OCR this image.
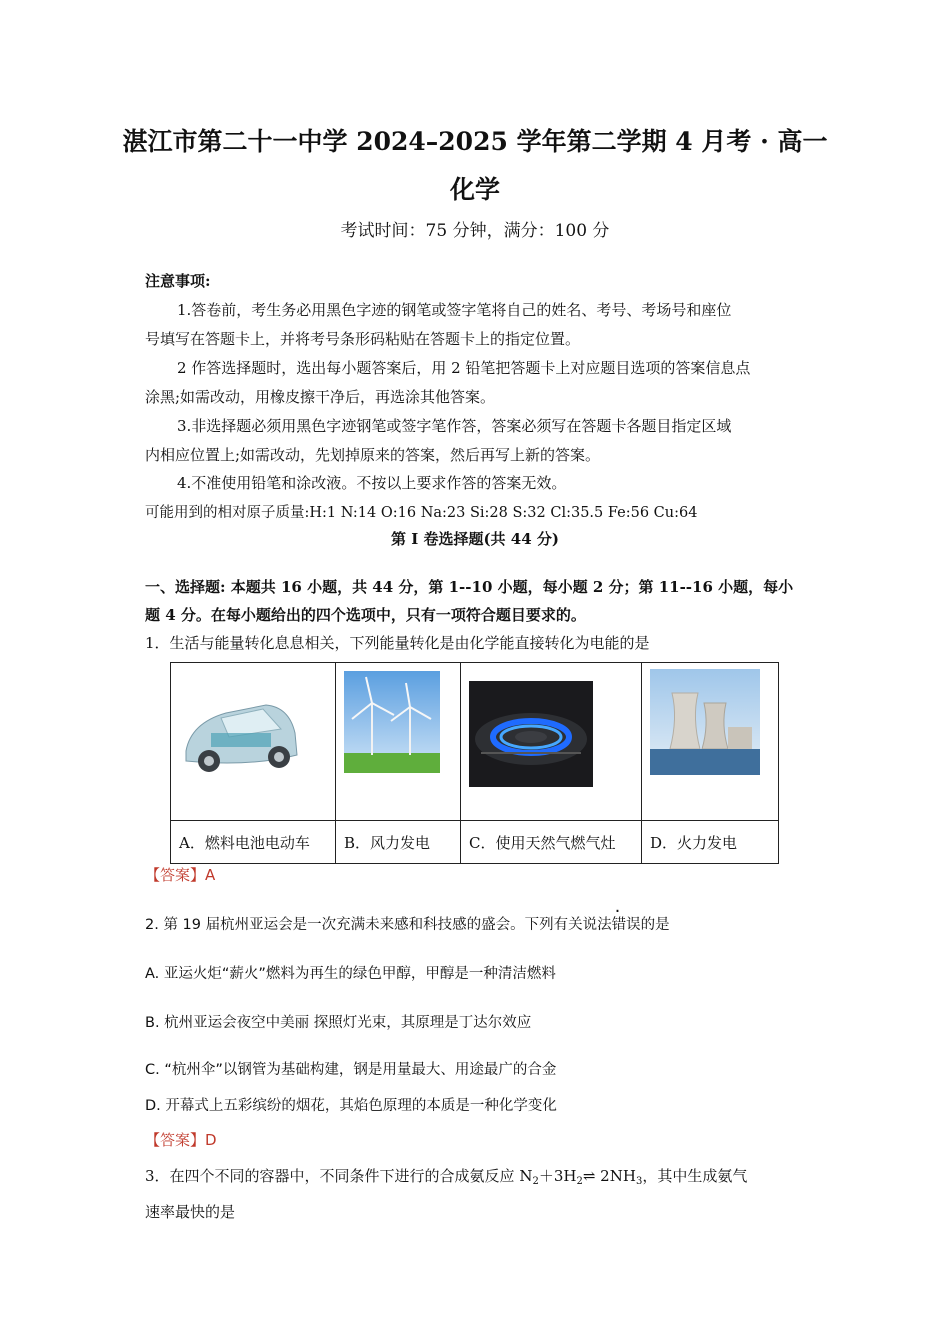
湛江市第二十一中学 2024–2025 学年第二学期 4 月考 · 高一
化学
考试时间：75 分钟，满分：100 分
注意事项:
1.答卷前，考生务必用黑色字迹的钢笔或签字笔将自己的姓名、考号、考场号和座位
号填写在答题卡上，并将考号条形码粘贴在答题卡上的指定位置。
2 作答选择题时，选出每小题答案后，用 2 铅笔把答题卡上对应题目选项的答案信息点
涂黑;如需改动，用橡皮擦干净后，再选涂其他答案。
3.非选择题必须用黑色字迹钢笔或签字笔作答，答案必须写在答题卡各题目指定区域
内相应位置上;如需改动，先划掉原来的答案，然后再写上新的答案。
4.不准使用铅笔和涂改液。不按以上要求作答的答案无效。
可能用到的相对原子质量:H:1 N:14 O:16 Na:23 Si:28 S:32 Cl:35.5 Fe:56 Cu:64
第 I 卷选择题(共 44 分)
一、选择题: 本题共 16 小题，共 44 分，第 1--10 小题，每小题 2 分；第 11--16 小题，每小
题 4 分。在每小题给出的四个选项中，只有一项符合题目要求的。
1．生活与能量转化息息相关，下列能量转化是由化学能直接转化为电能的是

A．燃料电池电动车	B．风力发电	C．使用天然气燃气灶	D．火力发电
【答案】A
2. 第 19 届杭州亚运会是一次充满未来感和科技感的盛会。下列有关说法错误的是
A. 亚运火炬“薪火”燃料为再生的绿色甲醇，甲醇是一种清洁燃料
B. 杭州亚运会夜空中美丽 探照灯光束，其原理是丁达尔效应
C. “杭州伞”以钢管为基础构建，钢是用量最大、用途最广的合金
D. 开幕式上五彩缤纷的烟花，其焰色原理的本质是一种化学变化
【答案】D
3．在四个不同的容器中，不同条件下进行的合成氨反应 $N_2+3H_2\rightleftharpoons$ $2NH_3$，其中生成氨气
速率最快的是
